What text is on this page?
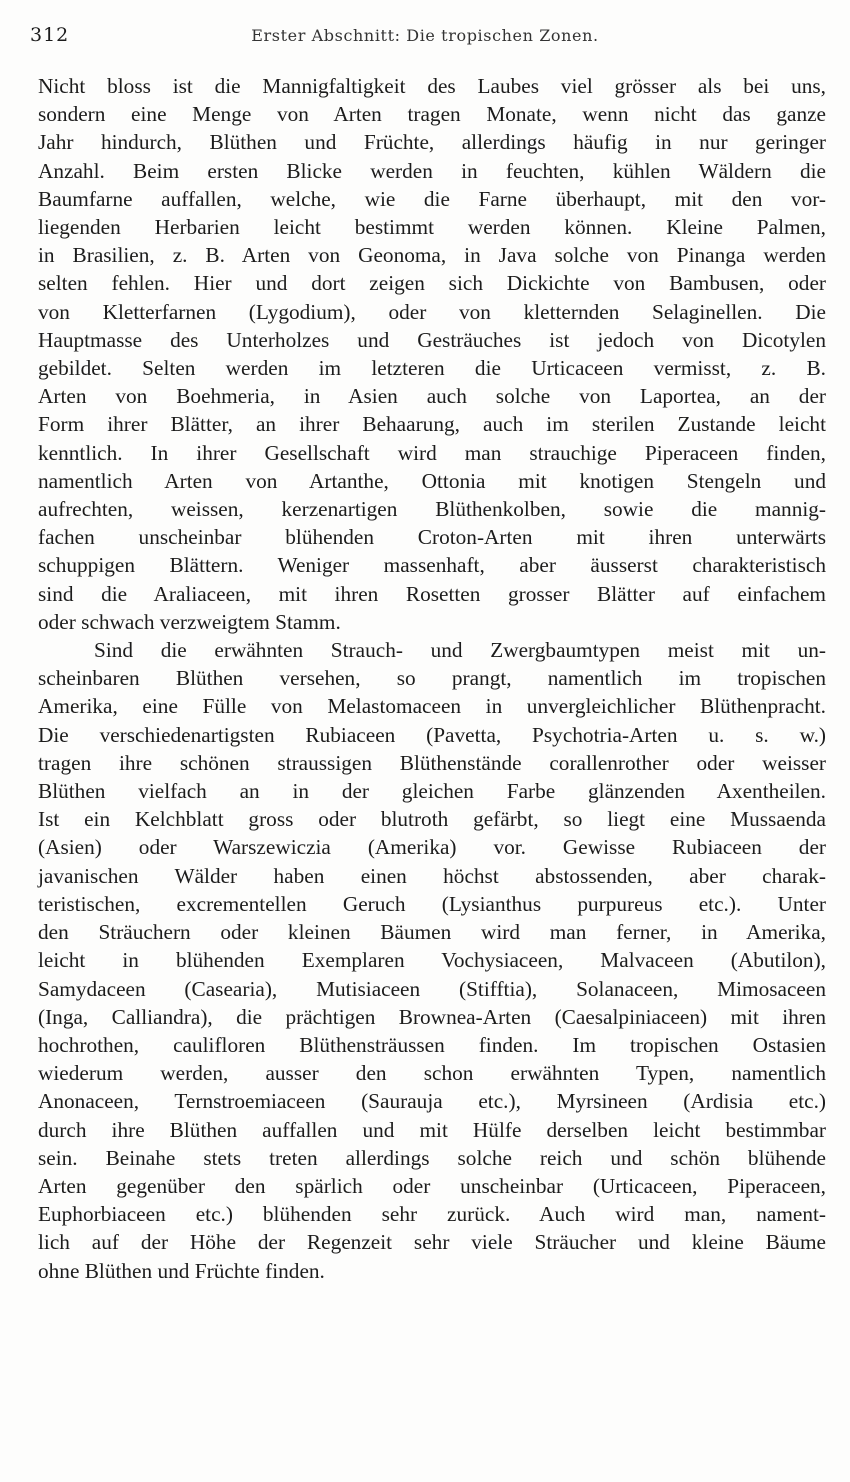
312	Erster Abschnitt: Die tropischen Zonen.
Nicht bloss ist die Mannigfaltigkeit des Laubes viel grösser als bei uns,
sondern eine Menge von Arten tragen Monate, wenn nicht das ganze
Jahr hindurch, Blüthen und Früchte, allerdings häufig in nur geringer
Anzahl. Beim ersten Blicke werden in feuchten, kühlen Wäldern die
Baumfarne auffallen, welche, wie die Farne überhaupt, mit den vor-
liegenden Herbarien leicht bestimmt werden können. Kleine Palmen,
in Brasilien, z. B. Arten von Geonoma, in Java solche von Pinanga werden
selten fehlen. Hier und dort zeigen sich Dickichte von Bambusen, oder
von Kletterfarnen (Lygodium), oder von kletternden Selaginellen. Die
Hauptmasse des Unterholzes und Gesträuches ist jedoch von Dicotylen
gebildet. Selten werden im letzteren die Urticaceen vermisst, z. B.
Arten von Boehmeria, in Asien auch solche von Laportea, an der
Form ihrer Blätter, an ihrer Behaarung, auch im sterilen Zustande leicht
kenntlich. In ihrer Gesellschaft wird man strauchige Piperaceen finden,
namentlich Arten von Artanthe, Ottonia mit knotigen Stengeln und
aufrechten, weissen, kerzenartigen Blüthenkolben, sowie die mannig-
fachen unscheinbar blühenden Croton-Arten mit ihren unterwärts
schuppigen Blättern. Weniger massenhaft, aber äusserst charakteristisch
sind die Araliaceen, mit ihren Rosetten grosser Blätter auf einfachem
oder schwach verzweigtem Stamm.
Sind die erwähnten Strauch- und Zwergbaumtypen meist mit un-
scheinbaren Blüthen versehen, so prangt, namentlich im tropischen
Amerika, eine Fülle von Melastomaceen in unvergleichlicher Blüthenpracht.
Die verschiedenartigsten Rubiaceen (Pavetta, Psychotria-Arten u. s. w.)
tragen ihre schönen straussigen Blüthenstände corallenrother oder weisser
Blüthen vielfach an in der gleichen Farbe glänzenden Axentheilen.
Ist ein Kelchblatt gross oder blutroth gefärbt, so liegt eine Mussaenda
(Asien) oder Warszewiczia (Amerika) vor. Gewisse Rubiaceen der
javanischen Wälder haben einen höchst abstossenden, aber charak-
teristischen, excrementellen Geruch (Lysianthus purpureus etc.). Unter
den Sträuchern oder kleinen Bäumen wird man ferner, in Amerika,
leicht in blühenden Exemplaren Vochysiaceen, Malvaceen (Abutilon),
Samydaceen (Casearia), Mutisiaceen (Stifftia), Solanaceen, Mimosaceen
(Inga, Calliandra), die prächtigen Brownea-Arten (Caesalpiniaceen) mit ihren
hochrothen, caulifloren Blüthensträussen finden. Im tropischen Ostasien
wiederum werden, ausser den schon erwähnten Typen, namentlich
Anonaceen, Ternstroemiaceen (Saurauja etc.), Myrsineen (Ardisia etc.)
durch ihre Blüthen auffallen und mit Hülfe derselben leicht bestimmbar
sein. Beinahe stets treten allerdings solche reich und schön blühende
Arten gegenüber den spärlich oder unscheinbar (Urticaceen, Piperaceen,
Euphorbiaceen etc.) blühenden sehr zurück. Auch wird man, nament-
lich auf der Höhe der Regenzeit sehr viele Sträucher und kleine Bäume
ohne Blüthen und Früchte finden.
